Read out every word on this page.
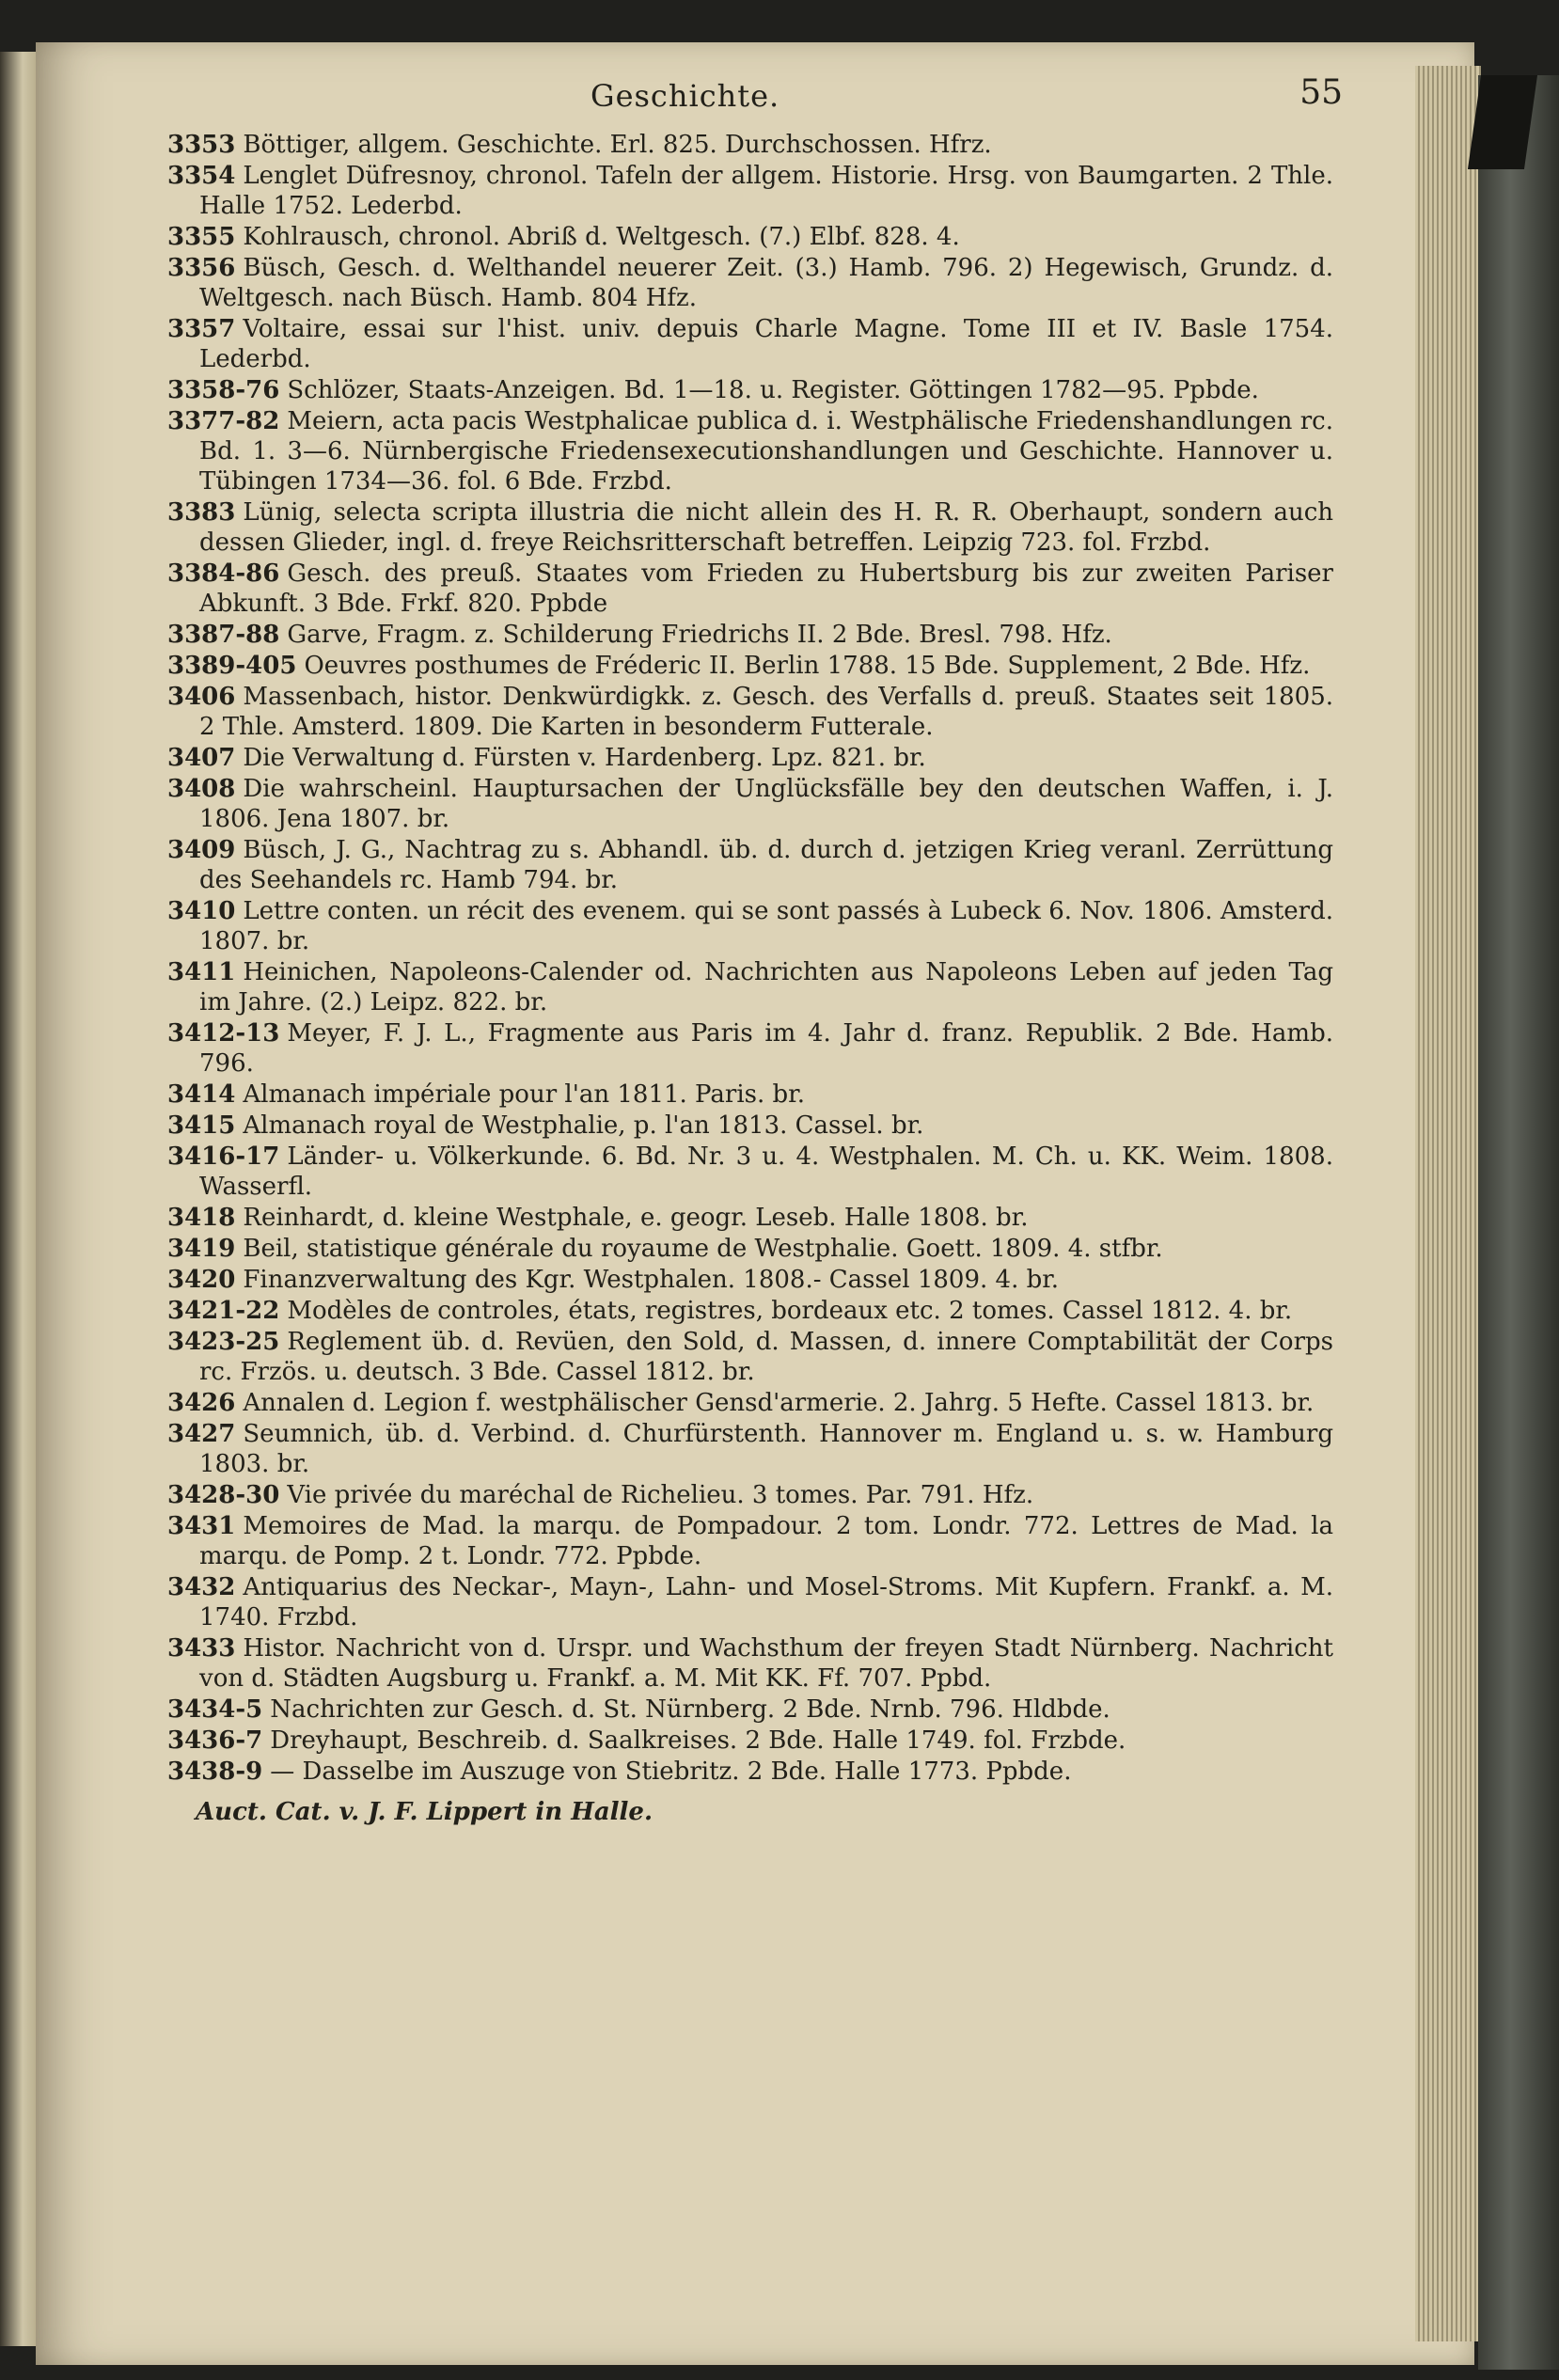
Geschichte.	55
3353 Böttiger, allgem. Geschichte. Erl. 825. Durchschossen. Hfrz.
3354 Lenglet Düfresnoy, chronol. Tafeln der allgem. Historie. Hrsg. von Baumgarten. 2 Thle. Halle 1752. Lederbd.
3355 Kohlrausch, chronol. Abriß d. Weltgesch. (7.) Elbf. 828. 4.
3356 Büsch, Gesch. d. Welthandel neuerer Zeit. (3.) Hamb. 796. 2) Hegewisch, Grundz. d. Weltgesch. nach Büsch. Hamb. 804 Hfz.
3357 Voltaire, essai sur l'hist. univ. depuis Charle Magne. Tome III et IV. Basle 1754. Lederbd.
3358-76 Schlözer, Staats-Anzeigen. Bd. 1—18. u. Register. Göttingen 1782—95. Ppbde.
3377-82 Meiern, acta pacis Westphalicae publica d. i. Westphälische Friedenshandlungen rc. Bd. 1. 3—6. Nürnbergische Friedensexecutionshandlungen und Geschichte. Hannover u. Tübingen 1734—36. fol. 6 Bde. Frzbd.
3383 Lünig, selecta scripta illustria die nicht allein des H. R. R. Oberhaupt, sondern auch dessen Glieder, ingl. d. freye Reichsritterschaft betreffen. Leipzig 723. fol. Frzbd.
3384-86 Gesch. des preuß. Staates vom Frieden zu Hubertsburg bis zur zweiten Pariser Abkunft. 3 Bde. Frkf. 820. Ppbde
3387-88 Garve, Fragm. z. Schilderung Friedrichs II. 2 Bde. Bresl. 798. Hfz.
3389-405 Oeuvres posthumes de Fréderic II. Berlin 1788. 15 Bde. Supplement, 2 Bde. Hfz.
3406 Massenbach, histor. Denkwürdigkk. z. Gesch. des Verfalls d. preuß. Staates seit 1805. 2 Thle. Amsterd. 1809. Die Karten in besonderm Futterale.
3407 Die Verwaltung d. Fürsten v. Hardenberg. Lpz. 821. br.
3408 Die wahrscheinl. Hauptursachen der Unglücksfälle bey den deutschen Waffen, i. J. 1806. Jena 1807. br.
3409 Büsch, J. G., Nachtrag zu s. Abhandl. üb. d. durch d. jetzigen Krieg veranl. Zerrüttung des Seehandels rc. Hamb 794. br.
3410 Lettre conten. un récit des evenem. qui se sont passés à Lubeck 6. Nov. 1806. Amsterd. 1807. br.
3411 Heinichen, Napoleons-Calender od. Nachrichten aus Napoleons Leben auf jeden Tag im Jahre. (2.) Leipz. 822. br.
3412-13 Meyer, F. J. L., Fragmente aus Paris im 4. Jahr d. franz. Republik. 2 Bde. Hamb. 796.
3414 Almanach impériale pour l'an 1811. Paris. br.
3415 Almanach royal de Westphalie, p. l'an 1813. Cassel. br.
3416-17 Länder- u. Völkerkunde. 6. Bd. Nr. 3 u. 4. Westphalen. M. Ch. u. KK. Weim. 1808. Wasserfl.
3418 Reinhardt, d. kleine Westphale, e. geogr. Leseb. Halle 1808. br.
3419 Beil, statistique générale du royaume de Westphalie. Goett. 1809. 4. stfbr.
3420 Finanzverwaltung des Kgr. Westphalen. 1808.- Cassel 1809. 4. br.
3421-22 Modèles de controles, états, registres, bordeaux etc. 2 tomes. Cassel 1812. 4. br.
3423-25 Reglement üb. d. Revüen, den Sold, d. Massen, d. innere Comptabilität der Corps rc. Frzös. u. deutsch. 3 Bde. Cassel 1812. br.
3426 Annalen d. Legion f. westphälischer Gensd'armerie. 2. Jahrg. 5 Hefte. Cassel 1813. br.
3427 Seumnich, üb. d. Verbind. d. Churfürstenth. Hannover m. England u. s. w. Hamburg 1803. br.
3428-30 Vie privée du maréchal de Richelieu. 3 tomes. Par. 791. Hfz.
3431 Memoires de Mad. la marqu. de Pompadour. 2 tom. Londr. 772. Lettres de Mad. la marqu. de Pomp. 2 t. Londr. 772. Ppbde.
3432 Antiquarius des Neckar-, Mayn-, Lahn- und Mosel-Stroms. Mit Kupfern. Frankf. a. M. 1740. Frzbd.
3433 Histor. Nachricht von d. Urspr. und Wachsthum der freyen Stadt Nürnberg. Nachricht von d. Städten Augsburg u. Frankf. a. M. Mit KK. Ff. 707. Ppbd.
3434-5 Nachrichten zur Gesch. d. St. Nürnberg. 2 Bde. Nrnb. 796. Hldbde.
3436-7 Dreyhaupt, Beschreib. d. Saalkreises. 2 Bde. Halle 1749. fol. Frzbde.
3438-9 — Dasselbe im Auszuge von Stiebritz. 2 Bde. Halle 1773. Ppbde.
Auct. Cat. v. J. F. Lippert in Halle.
